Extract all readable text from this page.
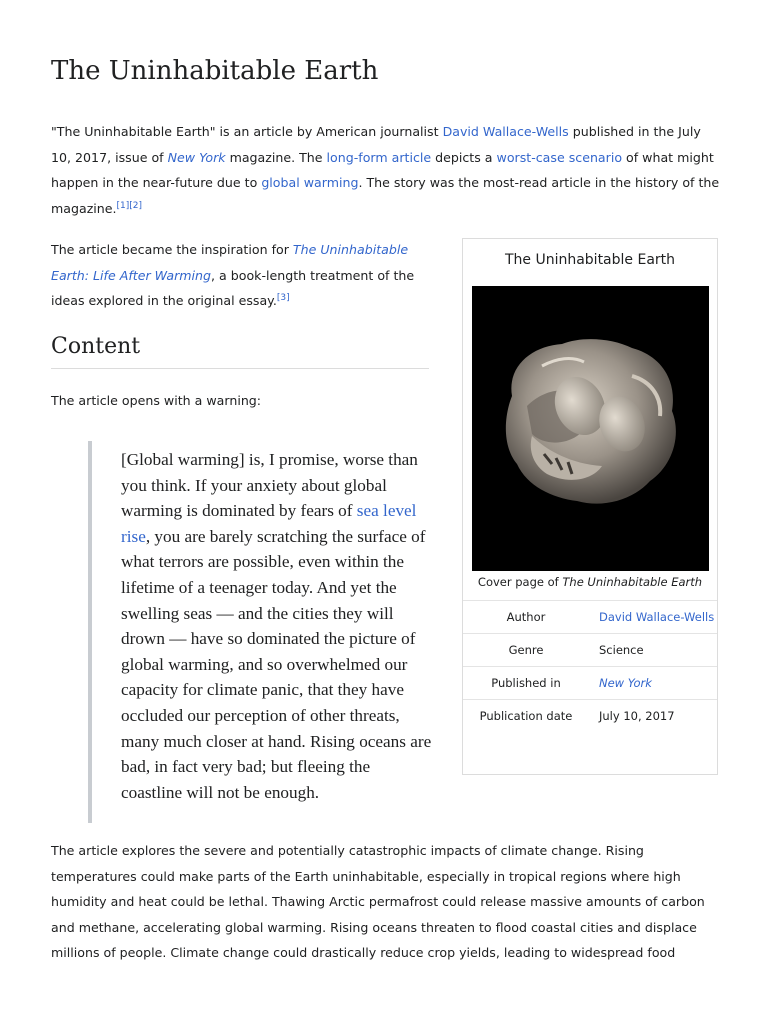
The Uninhabitable Earth

"The Uninhabitable Earth" is an article by American journalist David Wallace-Wells published in the July 10, 2017, issue of New York magazine. The long-form article depicts a worst-case scenario of what might happen in the near-future due to global warming. The story was the most-read article in the history of the magazine.[1][2]

The article became the inspiration for The Uninhabitable Earth: Life After Warming, a book-length treatment of the ideas explored in the original essay.[3]

Content

The article opens with a warning:

[Global warming] is, I promise, worse than you think. If your anxiety about global warming is dominated by fears of sea level rise, you are barely scratching the surface of what terrors are possible, even within the lifetime of a teenager today. And yet the swelling seas — and the cities they will drown — have so dominated the picture of global warming, and so overwhelmed our capacity for climate panic, that they have occluded our perception of other threats, many much closer at hand. Rising oceans are bad, in fact very bad; but fleeing the coastline will not be enough.

The article explores the severe and potentially catastrophic impacts of climate change. Rising temperatures could make parts of the Earth uninhabitable, especially in tropical regions where high humidity and heat could be lethal. Thawing Arctic permafrost could release massive amounts of carbon and methane, accelerating global warming. Rising oceans threaten to flood coastal cities and displace millions of people. Climate change could drastically reduce crop yields, leading to widespread food

The Uninhabitable Earth
Cover page of The Uninhabitable Earth
Author	David Wallace-Wells
Genre	Science
Published in	New York
Publication date	July 10, 2017
